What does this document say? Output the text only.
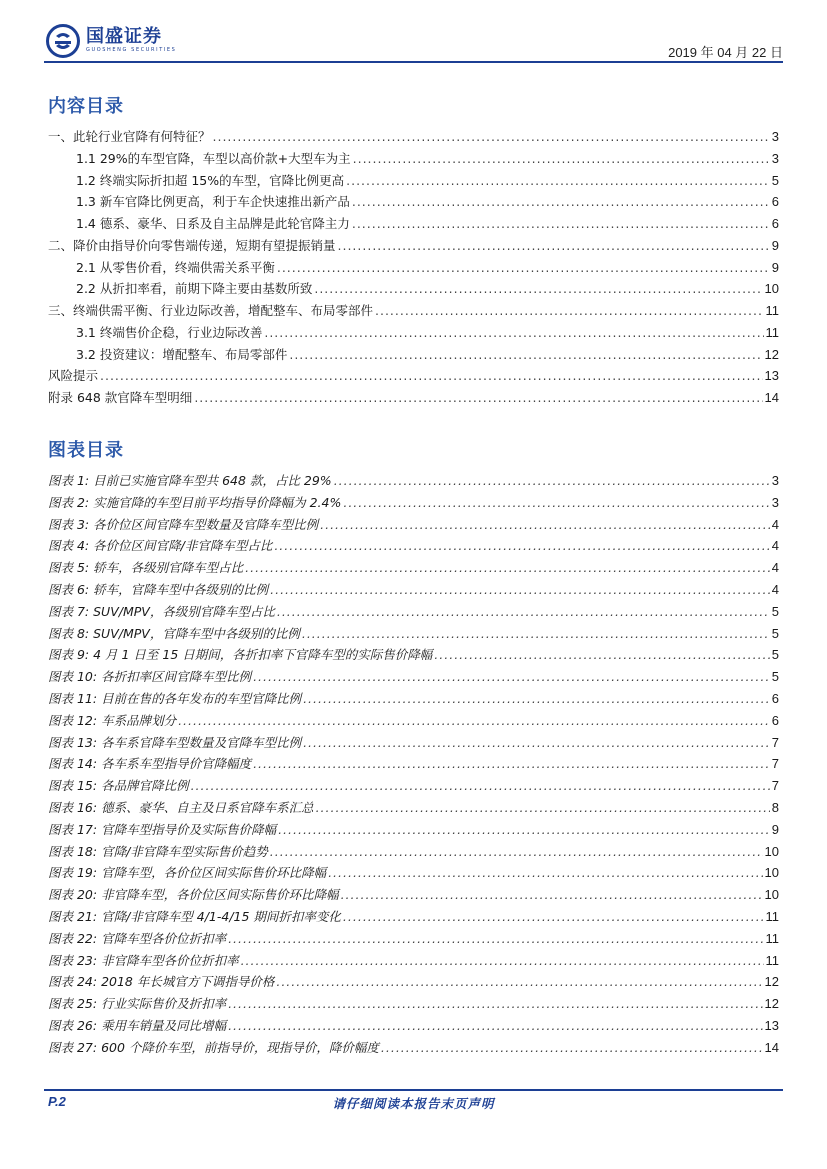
国盛证券
GUOSHENG SECURITIES	2019 年 04 月 22 日
内容目录
一、此轮行业官降有何特征？ .....	3
1.1 29%的车型官降，车型以高价款+大型车为主 .....	3
1.2 终端实际折扣超 15%的车型，官降比例更高 .....	5
1.3 新车官降比例更高，利于车企快速推出新产品 .....	6
1.4 德系、豪华、日系及自主品牌是此轮官降主力 .....	6
二、降价由指导价向零售端传递，短期有望提振销量 .....	9
2.1 从零售价看，终端供需关系平衡 .....	9
2.2 从折扣率看，前期下降主要由基数所致 .....	10
三、终端供需平衡、行业边际改善，增配整车、布局零部件 .....	11
3.1 终端售价企稳，行业边际改善 .....	11
3.2 投资建议：增配整车、布局零部件 .....	12
风险提示 .....	13
附录 648 款官降车型明细 .....	14
图表目录
图表 1: 目前已实施官降车型共 648 款，占比 29% .....	3
图表 2: 实施官降的车型目前平均指导价降幅为 2.4% .....	3
图表 3: 各价位区间官降车型数量及官降车型比例 .....	4
图表 4: 各价位区间官降/非官降车型占比 .....	4
图表 5: 轿车，各级别官降车型占比 .....	4
图表 6: 轿车，官降车型中各级别的比例 .....	4
图表 7: SUV/MPV，各级别官降车型占比 .....	5
图表 8: SUV/MPV，官降车型中各级别的比例 .....	5
图表 9: 4 月 1 日至 15 日期间，各折扣率下官降车型的实际售价降幅 .....	5
图表 10: 各折扣率区间官降车型比例 .....	5
图表 11: 目前在售的各年发布的车型官降比例 .....	6
图表 12: 车系品牌划分 .....	6
图表 13: 各车系官降车型数量及官降车型比例 .....	7
图表 14: 各车系车型指导价官降幅度 .....	7
图表 15: 各品牌官降比例 .....	7
图表 16: 德系、豪华、自主及日系官降车系汇总 .....	8
图表 17: 官降车型指导价及实际售价降幅 .....	9
图表 18: 官降/非官降车型实际售价趋势 .....	10
图表 19: 官降车型，各价位区间实际售价环比降幅 .....	10
图表 20: 非官降车型，各价位区间实际售价环比降幅 .....	10
图表 21: 官降/非官降车型 4/1-4/15 期间折扣率变化 .....	11
图表 22: 官降车型各价位折扣率 .....	11
图表 23: 非官降车型各价位折扣率 .....	11
图表 24: 2018 年长城官方下调指导价格 .....	12
图表 25: 行业实际售价及折扣率 .....	12
图表 26: 乘用车销量及同比增幅 .....	13
图表 27: 600 个降价车型，前指导价，现指导价，降价幅度 .....	14
P.2	请仔细阅读本报告末页声明
